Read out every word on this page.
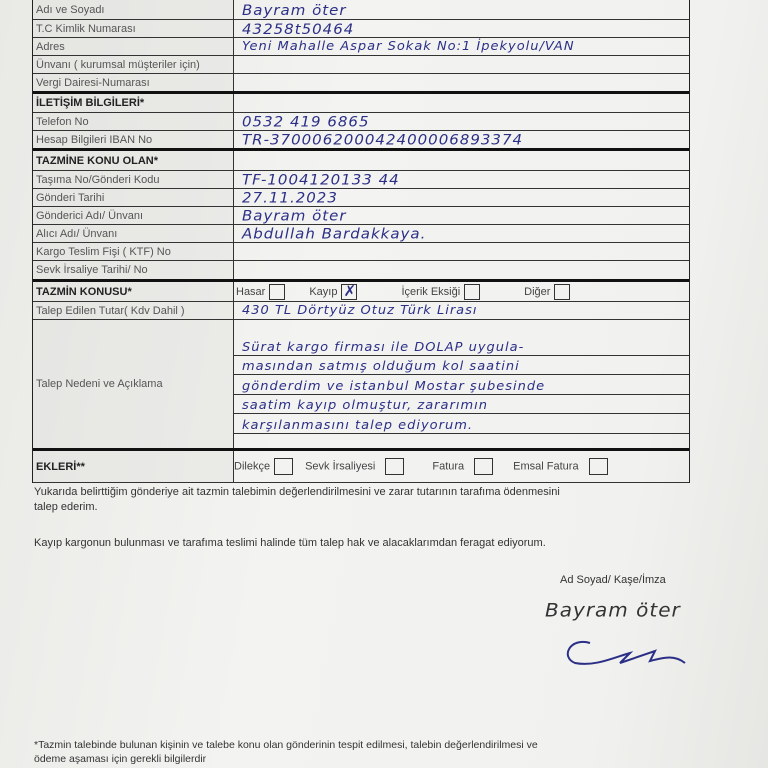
Adı ve Soyadı	Bayram öter
T.C Kimlik Numarası	43258t50464
Adres	Yeni Mahalle Aspar Sokak No:1 İpekyolu/VAN
Ünvanı ( kurumsal müşteriler için)
Vergi Dairesi-Numarası
İLETİŞİM BİLGİLERİ*
Telefon No	0532 419 6865
Hesap Bilgileri IBAN No	TR-370006200042400006893374
TAZMİNE KONU OLAN*
Taşıma No/Gönderi Kodu	TF-1004120133 44
Gönderi Tarihi	27.11.2023
Gönderici Adı/ Ünvanı	Bayram öter
Alıcı Adı/ Ünvanı	Abdullah Bardakkaya.
Kargo Teslim Fişi ( KTF) No
Sevk İrsaliye Tarihi/ No
TAZMİN KONUSU*	Hasar	Kayıp ✗	İçerik Eksiği	Diğer
Talep Edilen Tutar( Kdv Dahil )	430 TL Dörtyüz Otuz Türk Lirası
Talep Nedeni ve Açıklama
Sürat kargo firması ile DOLAP uygula-
masından satmış olduğum kol saatini
gönderdim ve istanbul Mostar şubesinde
saatim kayıp olmuştur, zararımın
karşılanmasını talep ediyorum.
EKLERİ**	Dilekçe	Sevk İrsaliyesi	Fatura	Emsal Fatura
Yukarıda belirttiğim gönderiye ait tazmin talebimin değerlendirilmesini ve zarar tutarının tarafıma ödenmesini
talep ederim.
Kayıp kargonun bulunması ve tarafıma teslimi halinde tüm talep hak ve alacaklarımdan feragat ediyorum.
Ad Soyad/ Kaşe/İmza
Bayram öter
*Tazmin talebinde bulunan kişinin ve talebe konu olan gönderinin tespit edilmesi, talebin değerlendirilmesi ve
ödeme aşaması için gerekli bilgilerdir
